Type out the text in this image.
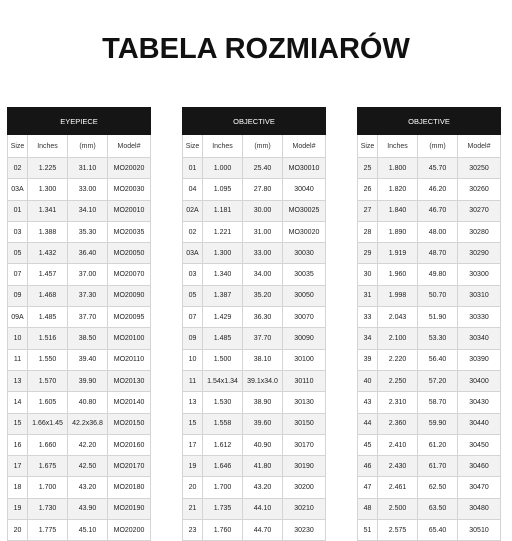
TABELA ROZMIARÓW
EYEPIECE			
Size	Inches	(mm)	Model#
02	1.225	31.10	MO20020
03A	1.300	33.00	MO20030
01	1.341	34.10	MO20010
03	1.388	35.30	MO20035
05	1.432	36.40	MO20050
07	1.457	37.00	MO20070
09	1.468	37.30	MO20090
09A	1.485	37.70	MO20095
10	1.516	38.50	MO20100
11	1.550	39.40	MO20110
13	1.570	39.90	MO20130
14	1.605	40.80	MO20140
15	1.66x1.45	42.2x36.8	MO20150
16	1.660	42.20	MO20160
17	1.675	42.50	MO20170
18	1.700	43.20	MO20180
19	1.730	43.90	MO20190
20	1.775	45.10	MO20200
OBJECTIVE			
Size	Inches	(mm)	Model#
01	1.000	25.40	MO30010
04	1.095	27.80	30040
02A	1.181	30.00	MO30025
02	1.221	31.00	MO30020
03A	1.300	33.00	30030
03	1.340	34.00	30035
05	1.387	35.20	30050
07	1.429	36.30	30070
09	1.485	37.70	30090
10	1.500	38.10	30100
11	1.54x1.34	39.1x34.0	30110
13	1.530	38.90	30130
15	1.558	39.60	30150
17	1.612	40.90	30170
19	1.646	41.80	30190
20	1.700	43.20	30200
21	1.735	44.10	30210
23	1.760	44.70	30230
OBJECTIVE			
Size	Inches	(mm)	Model#
25	1.800	45.70	30250
26	1.820	46.20	30260
27	1.840	46.70	30270
28	1.890	48.00	30280
29	1.919	48.70	30290
30	1.960	49.80	30300
31	1.998	50.70	30310
33	2.043	51.90	30330
34	2.100	53.30	30340
39	2.220	56.40	30390
40	2.250	57.20	30400
43	2.310	58.70	30430
44	2.360	59.90	30440
45	2.410	61.20	30450
46	2.430	61.70	30460
47	2.461	62.50	30470
48	2.500	63.50	30480
51	2.575	65.40	30510
